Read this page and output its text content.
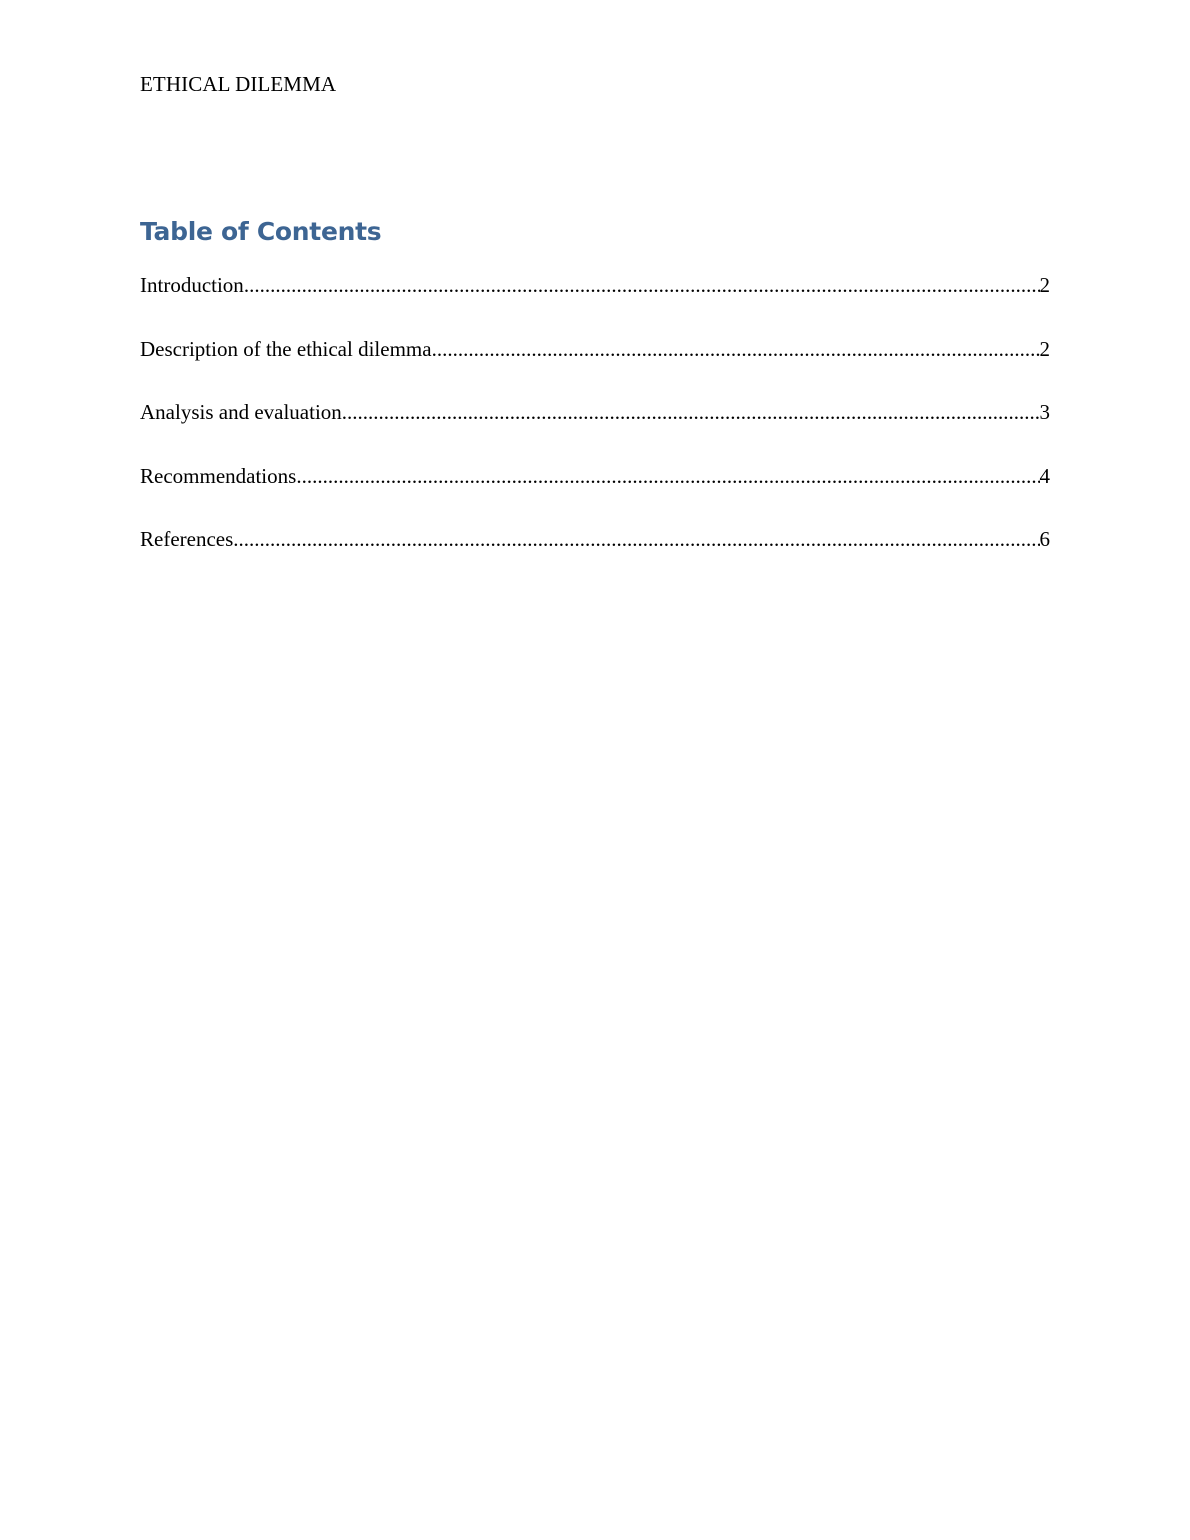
ETHICAL DILEMMA
Table of Contents
Introduction .....	2
Description of the ethical dilemma .....	2
Analysis and evaluation .....	3
Recommendations .....	4
References .....	6
